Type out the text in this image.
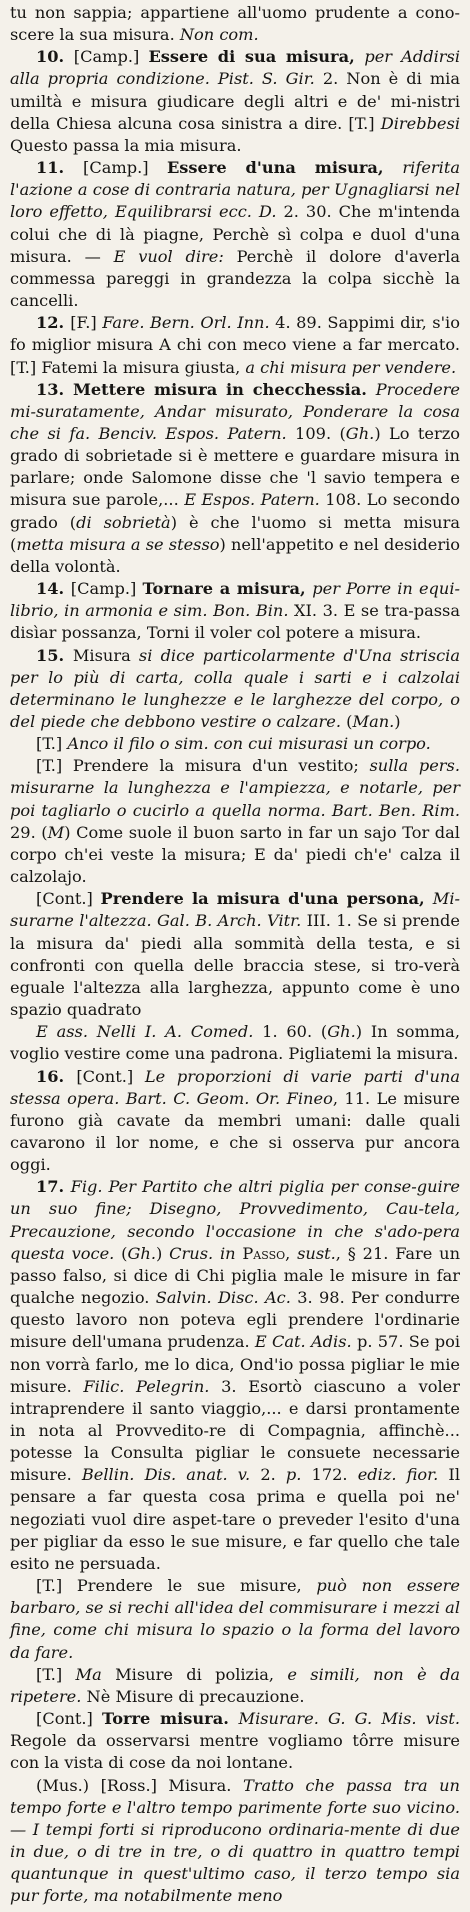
tu non sappia; appartiene all'uomo prudente a cono-scere la sua misura. Non com.

10. [Camp.] Essere di sua misura, per Addirsi alla propria condizione. Pist. S. Gir. 2. Non è di mia umiltà e misura giudicare degli altri e de' mi-nistri della Chiesa alcuna cosa sinistra a dire. [T.] Direbbesi Questo passa la mia misura.

11. [Camp.] Essere d'una misura, riferita l'azione a cose di contraria natura, per Ugnagliarsi nel loro effetto, Equilibrarsi ecc. D. 2. 30. Che m'intenda colui che di là piagne, Perchè sì colpa e duol d'una misura. — E vuol dire: Perchè il dolore d'averla commessa pareggi in grandezza la colpa sicchè la cancelli.

12. [F.] Fare. Bern. Orl. Inn. 4. 89. Sappimi dir, s'io fo miglior misura A chi con meco viene a far mercato. [T.] Fatemi la misura giusta, a chi misura per vendere.

13. Mettere misura in checchessia. Procedere mi-suratamente, Andar misurato, Ponderare la cosa che si fa. Benciv. Espos. Patern. 109. (Gh.) Lo terzo grado di sobrietade si è mettere e guardare misura in parlare; onde Salomone disse che 'l savio tempera e misura sue parole,... E Espos. Patern. 108. Lo secondo grado (di sobrietà) è che l'uomo si metta misura (metta misura a se stesso) nell'appetito e nel desiderio della volontà.

14. [Camp.] Tornare a misura, per Porre in equi-librio, in armonia e sim. Bon. Bin. XI. 3. E se tra-passa disìar possanza, Torni il voler col potere a misura.

15. Misura si dice particolarmente d'Una striscia per lo più di carta, colla quale i sarti e i calzolai determinano le lunghezze e le larghezze del corpo, o del piede che debbono vestire o calzare. (Man.)

[T.] Anco il filo o sim. con cui misurasi un corpo.

[T.] Prendere la misura d'un vestito; sulla pers. misurarne la lunghezza e l'ampiezza, e notarle, per poi tagliarlo o cucirlo a quella norma. Bart. Ben. Rim. 29. (M) Come suole il buon sarto in far un sajo Tor dal corpo ch'ei veste la misura; E da' piedi ch'e' calza il calzolajo.

[Cont.] Prendere la misura d'una persona, Mi-surarne l'altezza. Gal. B. Arch. Vitr. III. 1. Se si prende la misura da' piedi alla sommità della testa, e si confronti con quella delle braccia stese, si tro-verà eguale l'altezza alla larghezza, appunto come è uno spazio quadrato

E ass. Nelli I. A. Comed. 1. 60. (Gh.) In somma, voglio vestire come una padrona. Pigliatemi la misura.

16. [Cont.] Le proporzioni di varie parti d'una stessa opera. Bart. C. Geom. Or. Fineo, 11. Le misure furono già cavate da membri umani: dalle quali cavarono il lor nome, e che si osserva pur ancora oggi.

17. Fig. Per Partito che altri piglia per conse-guire un suo fine; Disegno, Provvedimento, Cau-tela, Precauzione, secondo l'occasione in che s'ado-pera questa voce. (Gh.) Crus. in Passo, sust., § 21. Fare un passo falso, si dice di Chi piglia male le misure in far qualche negozio. Salvin. Disc. Ac. 3. 98. Per condurre questo lavoro non poteva egli prendere l'ordinarie misure dell'umana prudenza. E Cat. Adis. p. 57. Se poi non vorrà farlo, me lo dica, Ond'io possa pigliar le mie misure. Filic. Pelegrin. 3. Esortò ciascuno a voler intraprendere il santo viaggio,... e darsi prontamente in nota al Provvedito-re di Compagnia, affinchè... potesse la Consulta pigliar le consuete necessarie misure. Bellin. Dis. anat. v. 2. p. 172. ediz. fior. Il pensare a far questa cosa prima e quella poi ne' negoziati vuol dire aspet-tare o preveder l'esito d'una per pigliar da esso le sue misure, e far quello che tale esito ne persuada.

[T.] Prendere le sue misure, può non essere barbaro, se si rechi all'idea del commisurare i mezzi al fine, come chi misura lo spazio o la forma del lavoro da fare.

[T.] Ma Misure di polizia, e simili, non è da ripetere. Nè Misure di precauzione.

[Cont.] Torre misura. Misurare. G. G. Mis. vist. Regole da osservarsi mentre vogliamo tôrre misure con la vista di cose da noi lontane.

(Mus.) [Ross.] Misura. Tratto che passa tra un tempo forte e l'altro tempo parimente forte suo vicino. — I tempi forti si riproducono ordinaria-mente di due in due, o di tre in tre, o di quattro in quattro tempi quantunque in quest'ultimo caso, il terzo tempo sia pur forte, ma notabilmente meno
